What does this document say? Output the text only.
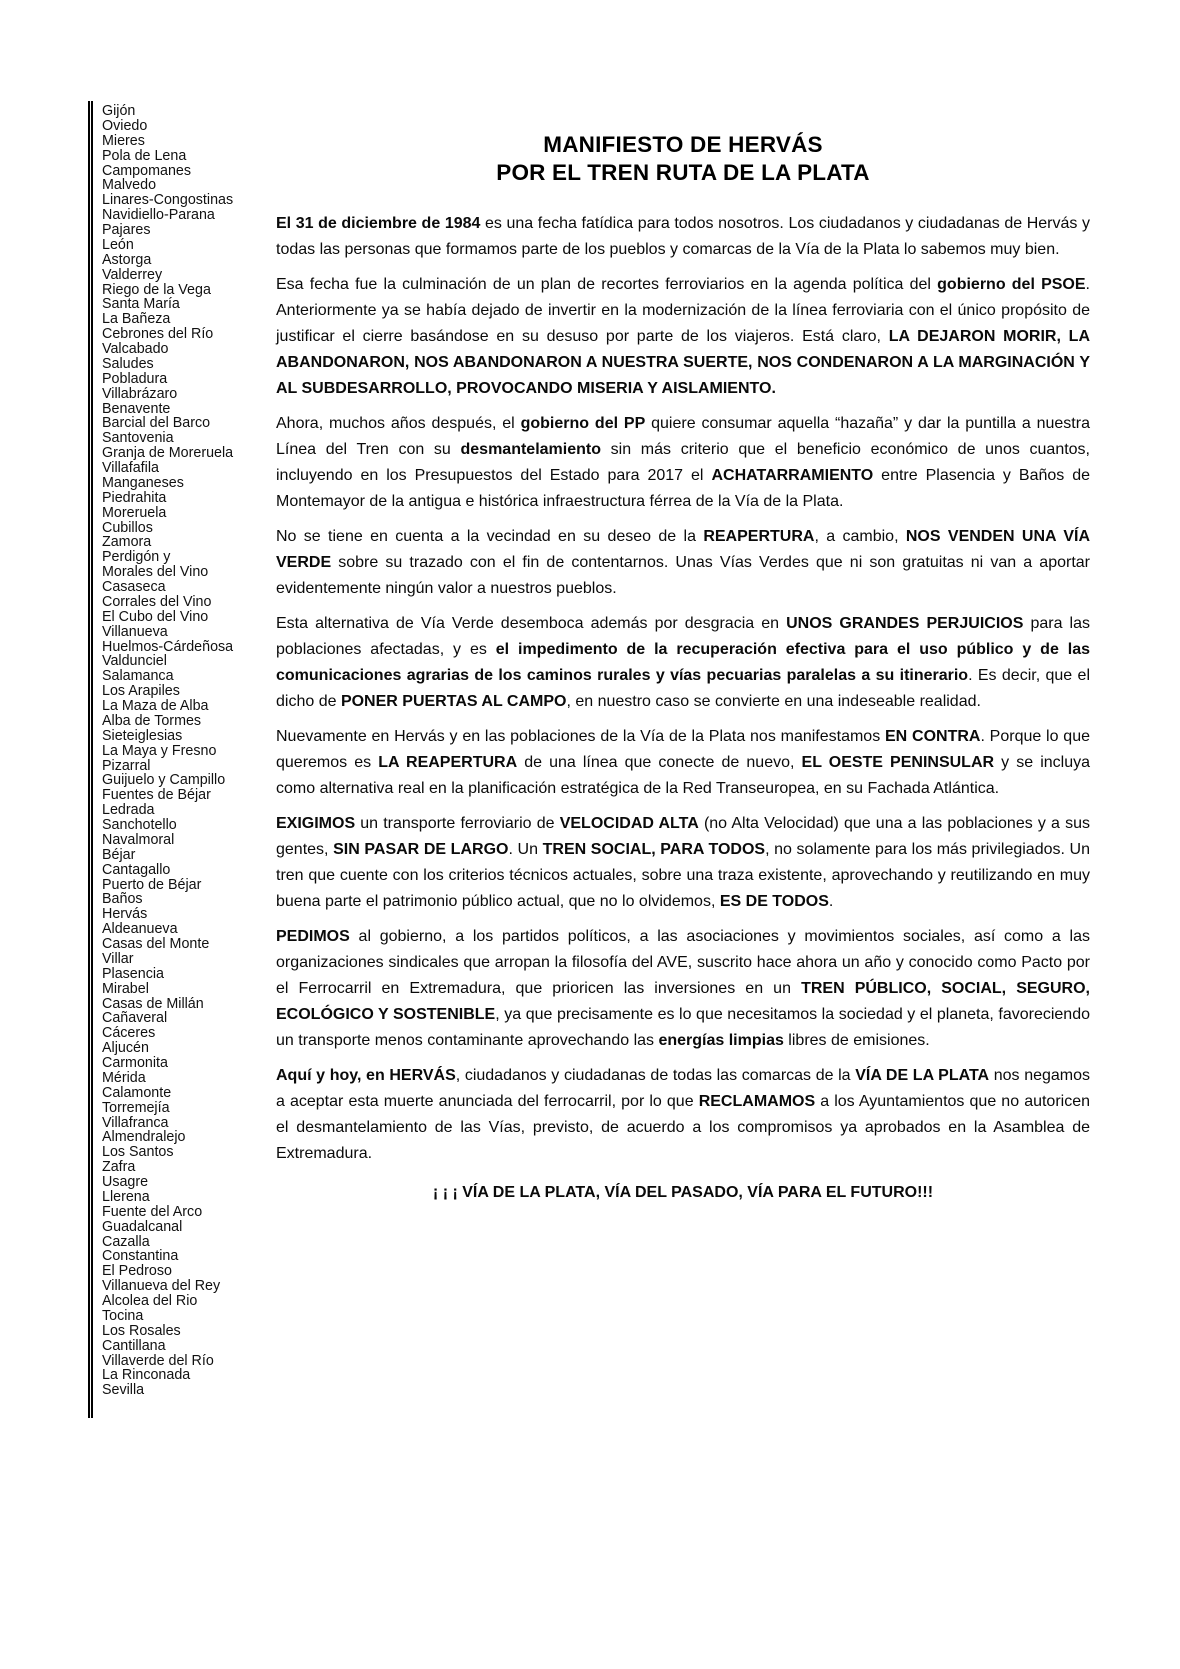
Gijón
Oviedo
Mieres
Pola de Lena
Campomanes
Malvedo
Linares-Congostinas
Navidiello-Parana
Pajares
León
Astorga
Valderrey
Riego de la Vega
Santa María
La Bañeza
Cebrones del Río
Valcabado
Saludes
Pobladura
Villabrázaro
Benavente
Barcial del Barco
Santovenia
Granja de Moreruela
Villafafila
Manganeses
Piedrahita
Moreruela
Cubillos
Zamora
Perdigón y
Morales del Vino
Casaseca
Corrales del Vino
El Cubo del Vino
Villanueva
Huelmos-Cárdeñosa
Valdunciel
Salamanca
Los Arapiles
La Maza de Alba
Alba de Tormes
Sieteiglesias
La Maya y Fresno
Pizarral
Guijuelo y Campillo
Fuentes de Béjar
Ledrada
Sanchotello
Navalmoral
Béjar
Cantagallo
Puerto de Béjar
Baños
Hervás
Aldeanueva
Casas del Monte
Villar
Plasencia
Mirabel
Casas de Millán
Cañaveral
Cáceres
Aljucén
Carmonita
Mérida
Calamonte
Torremejía
Villafranca
Almendralejo
Los Santos
Zafra
Usagre
Llerena
Fuente del Arco
Guadalcanal
Cazalla
Constantina
El Pedroso
Villanueva del Rey
Alcolea del Rio
Tocina
Los Rosales
Cantillana
Villaverde del Río
La Rinconada
Sevilla
MANIFIESTO DE HERVÁS
POR EL TREN RUTA DE LA PLATA

El 31 de diciembre de 1984 es una fecha fatídica para todos nosotros. Los ciudadanos y ciudadanas de Hervás y todas las personas que formamos parte de los pueblos y comarcas de la Vía de la Plata lo sabemos muy bien.

Esa fecha fue la culminación de un plan de recortes ferroviarios en la agenda política del gobierno del PSOE. Anteriormente ya se había dejado de invertir en la modernización de la línea ferroviaria con el único propósito de justificar el cierre basándose en su desuso por parte de los viajeros. Está claro, LA DEJARON MORIR, LA ABANDONARON, NOS ABANDONARON A NUESTRA SUERTE, NOS CONDENARON A LA MARGINACIÓN Y AL SUBDESARROLLO, PROVOCANDO MISERIA Y AISLAMIENTO.

Ahora, muchos años después, el gobierno del PP quiere consumar aquella “hazaña” y dar la puntilla a nuestra Línea del Tren con su desmantelamiento sin más criterio que el beneficio económico de unos cuantos, incluyendo en los Presupuestos del Estado para 2017 el ACHATARRAMIENTO entre Plasencia y Baños de Montemayor de la antigua e histórica infraestructura férrea de la Vía de la Plata.

No se tiene en cuenta a la vecindad en su deseo de la REAPERTURA, a cambio, NOS VENDEN UNA VÍA VERDE sobre su trazado con el fin de contentarnos. Unas Vías Verdes que ni son gratuitas ni van a aportar evidentemente ningún valor a nuestros pueblos.

Esta alternativa de Vía Verde desemboca además por desgracia en UNOS GRANDES PERJUICIOS para las poblaciones afectadas, y es el impedimento de la recuperación efectiva para el uso público y de las comunicaciones agrarias de los caminos rurales y vías pecuarias paralelas a su itinerario. Es decir, que el dicho de PONER PUERTAS AL CAMPO, en nuestro caso se convierte en una indeseable realidad.

Nuevamente en Hervás y en las poblaciones de la Vía de la Plata nos manifestamos EN CONTRA. Porque lo que queremos es LA REAPERTURA de una línea que conecte de nuevo, EL OESTE PENINSULAR y se incluya como alternativa real en la planificación estratégica de la Red Transeuropea, en su Fachada Atlántica.

EXIGIMOS un transporte ferroviario de VELOCIDAD ALTA (no Alta Velocidad) que una a las poblaciones y a sus gentes, SIN PASAR DE LARGO. Un TREN SOCIAL, PARA TODOS, no solamente para los más privilegiados. Un tren que cuente con los criterios técnicos actuales, sobre una traza existente, aprovechando y reutilizando en muy buena parte el patrimonio público actual, que no lo olvidemos, ES DE TODOS.

PEDIMOS al gobierno, a los partidos políticos, a las asociaciones y movimientos sociales, así como a las organizaciones sindicales que arropan la filosofía del AVE, suscrito hace ahora un año y conocido como Pacto por el Ferrocarril en Extremadura, que prioricen las inversiones en un TREN PÚBLICO, SOCIAL, SEGURO, ECOLÓGICO Y SOSTENIBLE, ya que precisamente es lo que necesitamos la sociedad y el planeta, favoreciendo un transporte menos contaminante aprovechando las energías limpias libres de emisiones.

Aquí y hoy, en HERVÁS, ciudadanos y ciudadanas de todas las comarcas de la VÍA DE LA PLATA nos negamos a aceptar esta muerte anunciada del ferrocarril, por lo que RECLAMAMOS a los Ayuntamientos que no autoricen el desmantelamiento de las Vías, previsto, de acuerdo a los compromisos ya aprobados en la Asamblea de Extremadura.

¡ ¡ ¡ VÍA DE LA PLATA, VÍA DEL PASADO, VÍA PARA EL FUTURO!!!
